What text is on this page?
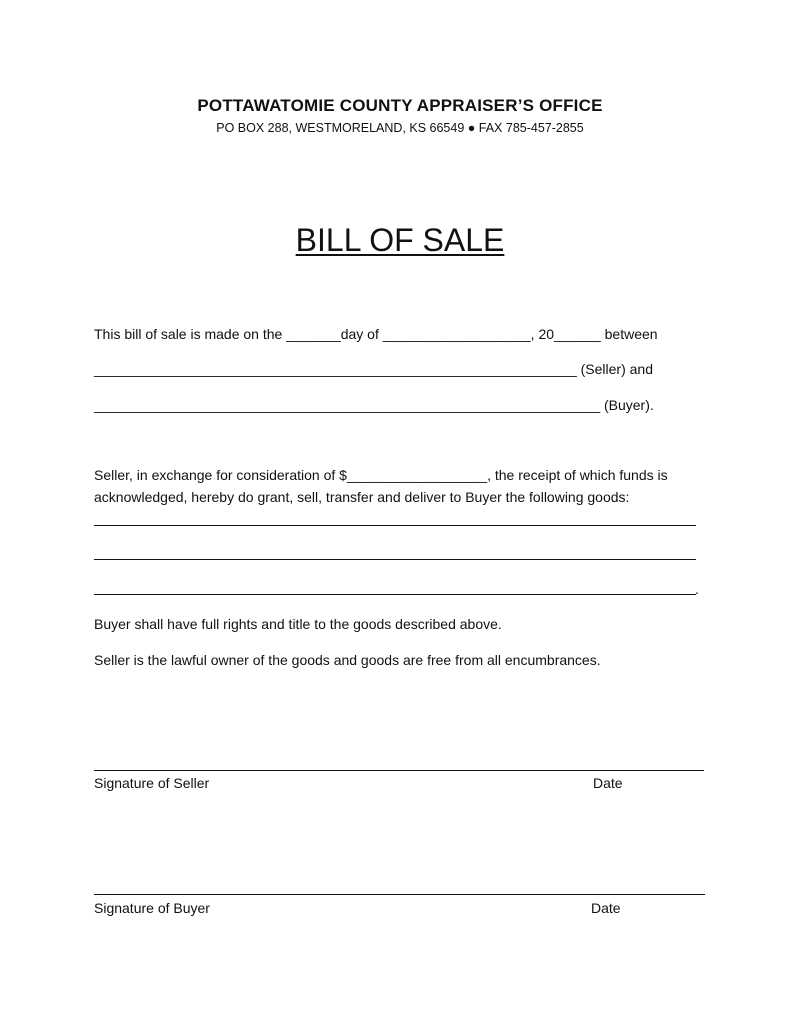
POTTAWATOMIE COUNTY APPRAISER’S OFFICE
PO BOX 288, WESTMORELAND, KS 66549 ● FAX 785-457-2855
BILL OF SALE
This bill of sale is made on the _______day of ___________________, 20______ between
______________________________________________________________ (Seller) and
_________________________________________________________________ (Buyer).
Seller, in exchange for consideration of $__________________, the receipt of which funds is
acknowledged, hereby do grant, sell, transfer and deliver to Buyer the following goods:
.
Buyer shall have full rights and title to the goods described above.
Seller is the lawful owner of the goods and goods are free from all encumbrances.
Signature of Seller	Date
Signature of Buyer	Date
